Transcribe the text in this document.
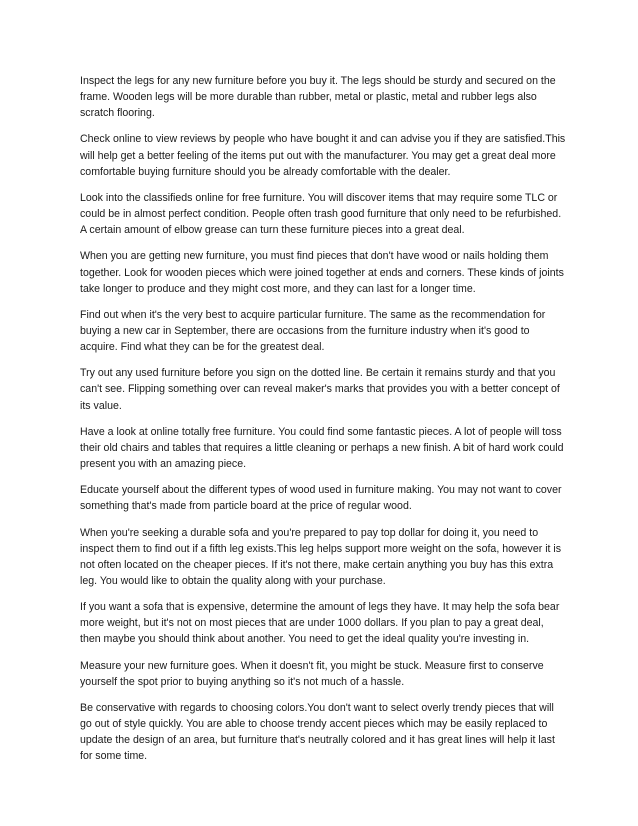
Inspect the legs for any new furniture before you buy it. The legs should be sturdy and secured on the frame. Wooden legs will be more durable than rubber, metal or plastic, metal and rubber legs also scratch flooring.

Check online to view reviews by people who have bought it and can advise you if they are satisfied.This will help get a better feeling of the items put out with the manufacturer. You may get a great deal more comfortable buying furniture should you be already comfortable with the dealer.

Look into the classifieds online for free furniture. You will discover items that may require some TLC or could be in almost perfect condition. People often trash good furniture that only need to be refurbished. A certain amount of elbow grease can turn these furniture pieces into a great deal.

When you are getting new furniture, you must find pieces that don't have wood or nails holding them together. Look for wooden pieces which were joined together at ends and corners. These kinds of joints take longer to produce and they might cost more, and they can last for a longer time.

Find out when it's the very best to acquire particular furniture. The same as the recommendation for buying a new car in September, there are occasions from the furniture industry when it's good to acquire. Find what they can be for the greatest deal.

Try out any used furniture before you sign on the dotted line. Be certain it remains sturdy and that you can't see. Flipping something over can reveal maker's marks that provides you with a better concept of its value.

Have a look at online totally free furniture. You could find some fantastic pieces. A lot of people will toss their old chairs and tables that requires a little cleaning or perhaps a new finish. A bit of hard work could present you with an amazing piece.

Educate yourself about the different types of wood used in furniture making. You may not want to cover something that's made from particle board at the price of regular wood.

When you're seeking a durable sofa and you're prepared to pay top dollar for doing it, you need to inspect them to find out if a fifth leg exists.This leg helps support more weight on the sofa, however it is not often located on the cheaper pieces. If it's not there, make certain anything you buy has this extra leg. You would like to obtain the quality along with your purchase.

If you want a sofa that is expensive, determine the amount of legs they have. It may help the sofa bear more weight, but it's not on most pieces that are under 1000 dollars. If you plan to pay a great deal, then maybe you should think about another. You need to get the ideal quality you're investing in.

Measure your new furniture goes. When it doesn't fit, you might be stuck. Measure first to conserve yourself the spot prior to buying anything so it's not much of a hassle.

Be conservative with regards to choosing colors.You don't want to select overly trendy pieces that will go out of style quickly. You are able to choose trendy accent pieces which may be easily replaced to update the design of an area, but furniture that's neutrally colored and it has great lines will help it last for some time.
